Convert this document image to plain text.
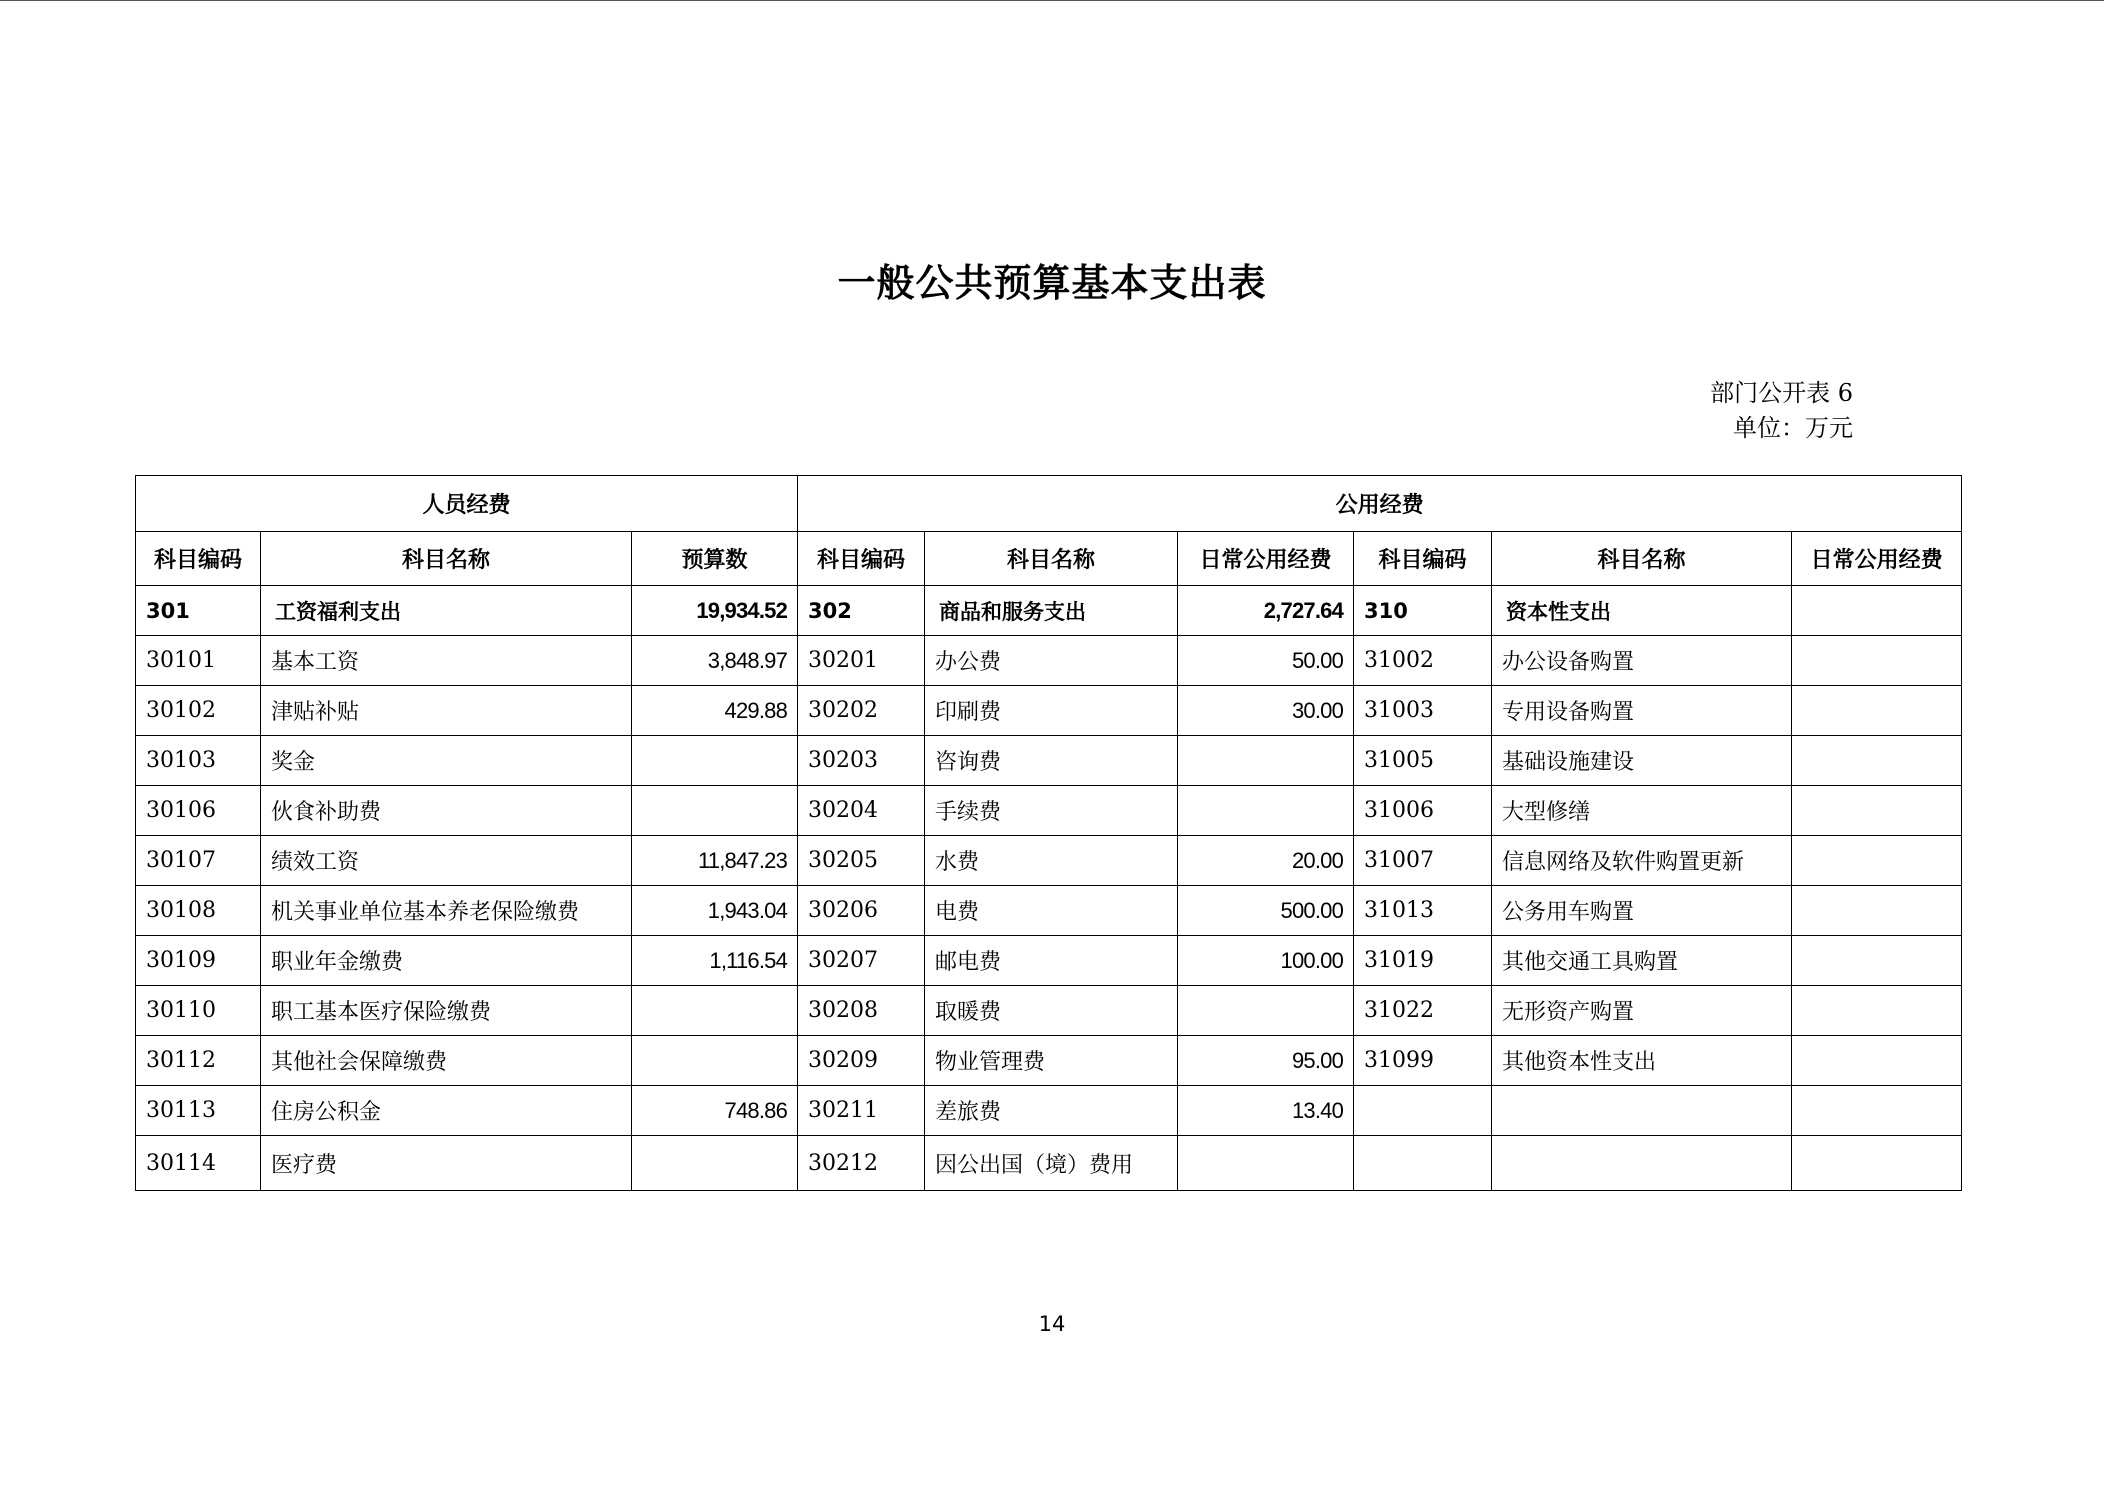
一般公共预算基本支出表
部门公开表 6
单位：万元
人员经费			公用经费					
科目编码	科目名称	预算数	科目编码	科目名称	日常公用经费	科目编码	科目名称	日常公用经费
301	工资福利支出	19,934.52	302	商品和服务支出	2,727.64	310	资本性支出	
30101	基本工资	3,848.97	30201	办公费	50.00	31002	办公设备购置	
30102	津贴补贴	429.88	30202	印刷费	30.00	31003	专用设备购置	
30103	奖金		30203	咨询费		31005	基础设施建设	
30106	伙食补助费		30204	手续费		31006	大型修缮	
30107	绩效工资	11,847.23	30205	水费	20.00	31007	信息网络及软件购置更新	
30108	机关事业单位基本养老保险缴费	1,943.04	30206	电费	500.00	31013	公务用车购置	
30109	职业年金缴费	1,116.54	30207	邮电费	100.00	31019	其他交通工具购置	
30110	职工基本医疗保险缴费		30208	取暖费		31022	无形资产购置	
30112	其他社会保障缴费		30209	物业管理费	95.00	31099	其他资本性支出	
30113	住房公积金	748.86	30211	差旅费	13.40			
30114	医疗费		30212	因公出国（境）费用				
14
